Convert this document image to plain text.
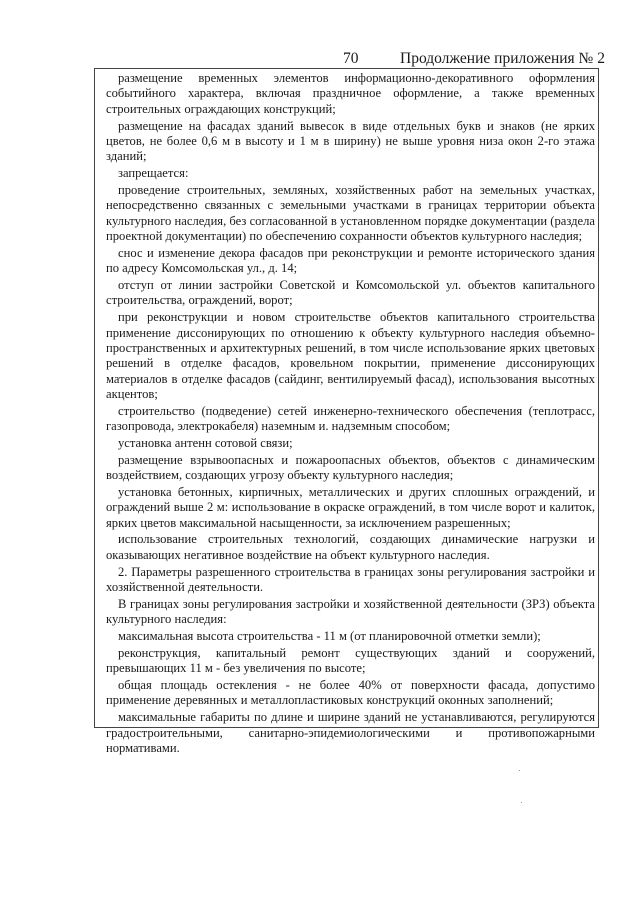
70	Продолжение приложения № 2

размещение временных элементов информационно-декоративного оформления событийного характера, включая праздничное оформление, а также временных строительных ограждающих конструкций;

размещение на фасадах зданий вывесок в виде отдельных букв и знаков (не ярких цветов, не более 0,6 м в высоту и 1 м в ширину) не выше уровня низа окон 2-го этажа зданий;

запрещается:

проведение строительных, земляных, хозяйственных работ на земельных участках, непосредственно связанных с земельными участками в границах территории объекта культурного наследия, без согласованной в установленном порядке документации (раздела проектной документации) по обеспечению сохранности объектов культурного наследия;

снос и изменение декора фасадов при реконструкции и ремонте исторического здания по адресу Комсомольская ул., д. 14;

отступ от линии застройки Советской и Комсомольской ул. объектов капитального строительства, ограждений, ворот;

при реконструкции и новом строительстве объектов капитального строительства применение диссонирующих по отношению к объекту культурного наследия объемно-пространственных и архитектурных решений, в том числе использование ярких цветовых решений в отделке фасадов, кровельном покрытии, применение диссонирующих материалов в отделке фасадов (сайдинг, вентилируемый фасад), использования высотных акцентов;

строительство (подведение) сетей инженерно-технического обеспечения (теплотрасс, газопровода, электрокабеля) наземным и. надземным способом;

установка антенн сотовой связи;

размещение взрывоопасных и пожароопасных объектов, объектов с динамическим воздействием, создающих угрозу объекту культурного наследия;

установка бетонных, кирпичных, металлических и других сплошных ограждений, и ограждений выше 2 м: использование в окраске ограждений, в том числе ворот и калиток, ярких цветов максимальной насыщенности, за исключением разрешенных;

использование строительных технологий, создающих динамические нагрузки и оказывающих негативное воздействие на объект культурного наследия.

2. Параметры разрешенного строительства в границах зоны регулирования застройки и хозяйственной деятельности.

В границах зоны регулирования застройки и хозяйственной деятельности (ЗРЗ) объекта культурного наследия:

максимальная высота строительства - 11 м (от планировочной отметки земли);

реконструкция, капитальный ремонт существующих зданий и сооружений, превышающих 11 м - без увеличения по высоте;

общая площадь остекления - не более 40% от поверхности фасада, допустимо применение деревянных и металлопластиковых конструкций оконных заполнений;

максимальные габариты по длине и ширине зданий не устанавливаются, регулируются градостроительными, санитарно-эпидемиологическими и противопожарными нормативами.
